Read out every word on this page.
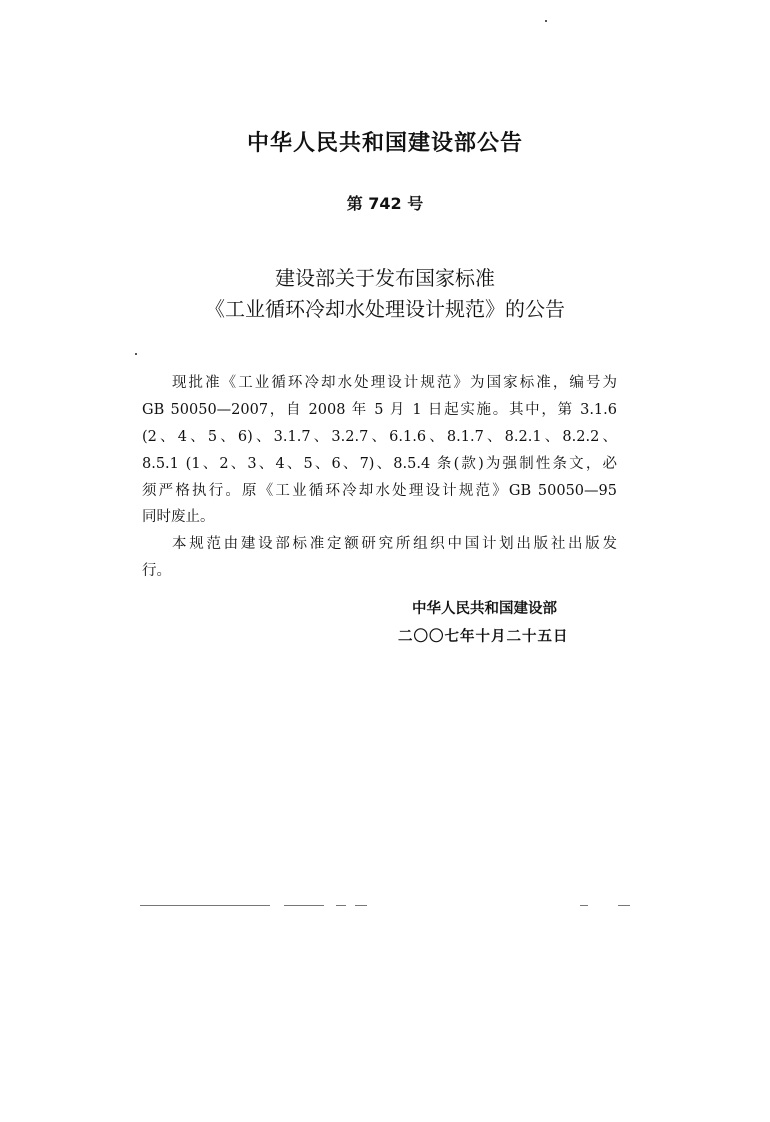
中华人民共和国建设部公告
第 742 号
建设部关于发布国家标准
《工业循环冷却水处理设计规范》的公告
现批准《工业循环冷却水处理设计规范》为国家标准，编号为
GB 50050—2007，自 2008 年 5 月 1 日起实施。其中，第 3.1.6
(2、4、5、6)、3.1.7、3.2.7、6.1.6、8.1.7、8.2.1、8.2.2、
8.5.1 (1、2、3、4、5、6、7)、8.5.4 条(款)为强制性条文，必
须严格执行。原《工业循环冷却水处理设计规范》GB 50050—95
同时废止。
本规范由建设部标准定额研究所组织中国计划出版社出版发
行。
中华人民共和国建设部
二〇〇七年十月二十五日
